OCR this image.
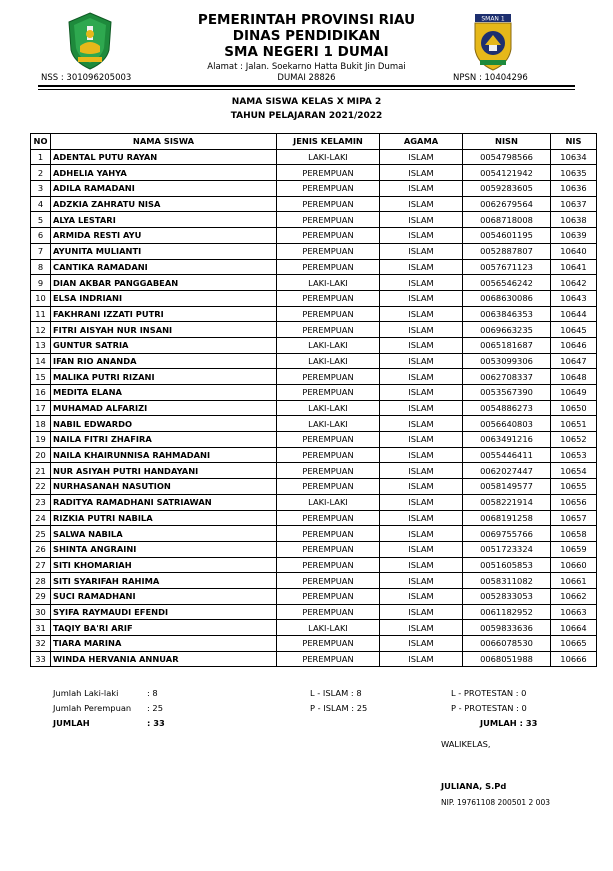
SMAN 1
PEMERINTAH PROVINSI RIAU
DINAS PENDIDIKAN
SMA NEGERI 1 DUMAI
Alamat : Jalan. Soekarno Hatta Bukit Jin Dumai
DUMAI 28826
NSS : 301096205003	NPSN : 10404296
NAMA SISWA KELAS X MIPA 2
TAHUN PELAJARAN 2021/2022
NO	NAMA SISWA	JENIS KELAMIN	AGAMA	NISN	NIS
1	ADENTAL PUTU RAYAN	LAKI-LAKI	ISLAM	0054798566	10634
2	ADHELIA YAHYA	PEREMPUAN	ISLAM	0054121942	10635
3	ADILA RAMADANI	PEREMPUAN	ISLAM	0059283605	10636
4	ADZKIA ZAHRATU NISA	PEREMPUAN	ISLAM	0062679564	10637
5	ALYA LESTARI	PEREMPUAN	ISLAM	0068718008	10638
6	ARMIDA RESTI AYU	PEREMPUAN	ISLAM	0054601195	10639
7	AYUNITA MULIANTI	PEREMPUAN	ISLAM	0052887807	10640
8	CANTIKA RAMADANI	PEREMPUAN	ISLAM	0057671123	10641
9	DIAN AKBAR PANGGABEAN	LAKI-LAKI	ISLAM	0056546242	10642
10	ELSA INDRIANI	PEREMPUAN	ISLAM	0068630086	10643
11	FAKHRANI IZZATI PUTRI	PEREMPUAN	ISLAM	0063846353	10644
12	FITRI AISYAH NUR INSANI	PEREMPUAN	ISLAM	0069663235	10645
13	GUNTUR SATRIA	LAKI-LAKI	ISLAM	0065181687	10646
14	IFAN RIO ANANDA	LAKI-LAKI	ISLAM	0053099306	10647
15	MALIKA PUTRI RIZANI	PEREMPUAN	ISLAM	0062708337	10648
16	MEDITA ELANA	PEREMPUAN	ISLAM	0053567390	10649
17	MUHAMAD ALFARIZI	LAKI-LAKI	ISLAM	0054886273	10650
18	NABIL EDWARDO	LAKI-LAKI	ISLAM	0056640803	10651
19	NAILA FITRI ZHAFIRA	PEREMPUAN	ISLAM	0063491216	10652
20	NAILA KHAIRUNNISA RAHMADANI	PEREMPUAN	ISLAM	0055446411	10653
21	NUR ASIYAH PUTRI HANDAYANI	PEREMPUAN	ISLAM	0062027447	10654
22	NURHASANAH NASUTION	PEREMPUAN	ISLAM	0058149577	10655
23	RADITYA RAMADHANI SATRIAWAN	LAKI-LAKI	ISLAM	0058221914	10656
24	RIZKIA PUTRI NABILA	PEREMPUAN	ISLAM	0068191258	10657
25	SALWA NABILA	PEREMPUAN	ISLAM	0069755766	10658
26	SHINTA ANGRAINI	PEREMPUAN	ISLAM	0051723324	10659
27	SITI KHOMARIAH	PEREMPUAN	ISLAM	0051605853	10660
28	SITI SYARIFAH RAHIMA	PEREMPUAN	ISLAM	0058311082	10661
29	SUCI RAMADHANI	PEREMPUAN	ISLAM	0052833053	10662
30	SYIFA RAYMAUDI EFENDI	PEREMPUAN	ISLAM	0061182952	10663
31	TAQIY BA'RI ARIF	LAKI-LAKI	ISLAM	0059833636	10664
32	TIARA MARINA	PEREMPUAN	ISLAM	0066078530	10665
33	WINDA HERVANIA ANNUAR	PEREMPUAN	ISLAM	0068051988	10666
Jumlah Laki-laki	: 8
Jumlah Perempuan : 25
JUMLAH	: 33
L - ISLAM : 8
P - ISLAM : 25
L - PROTESTAN : 0
P - PROTESTAN : 0
JUMLAH : 33
WALIKELAS,
JULIANA, S.Pd
NIP. 19761108 200501 2 003
